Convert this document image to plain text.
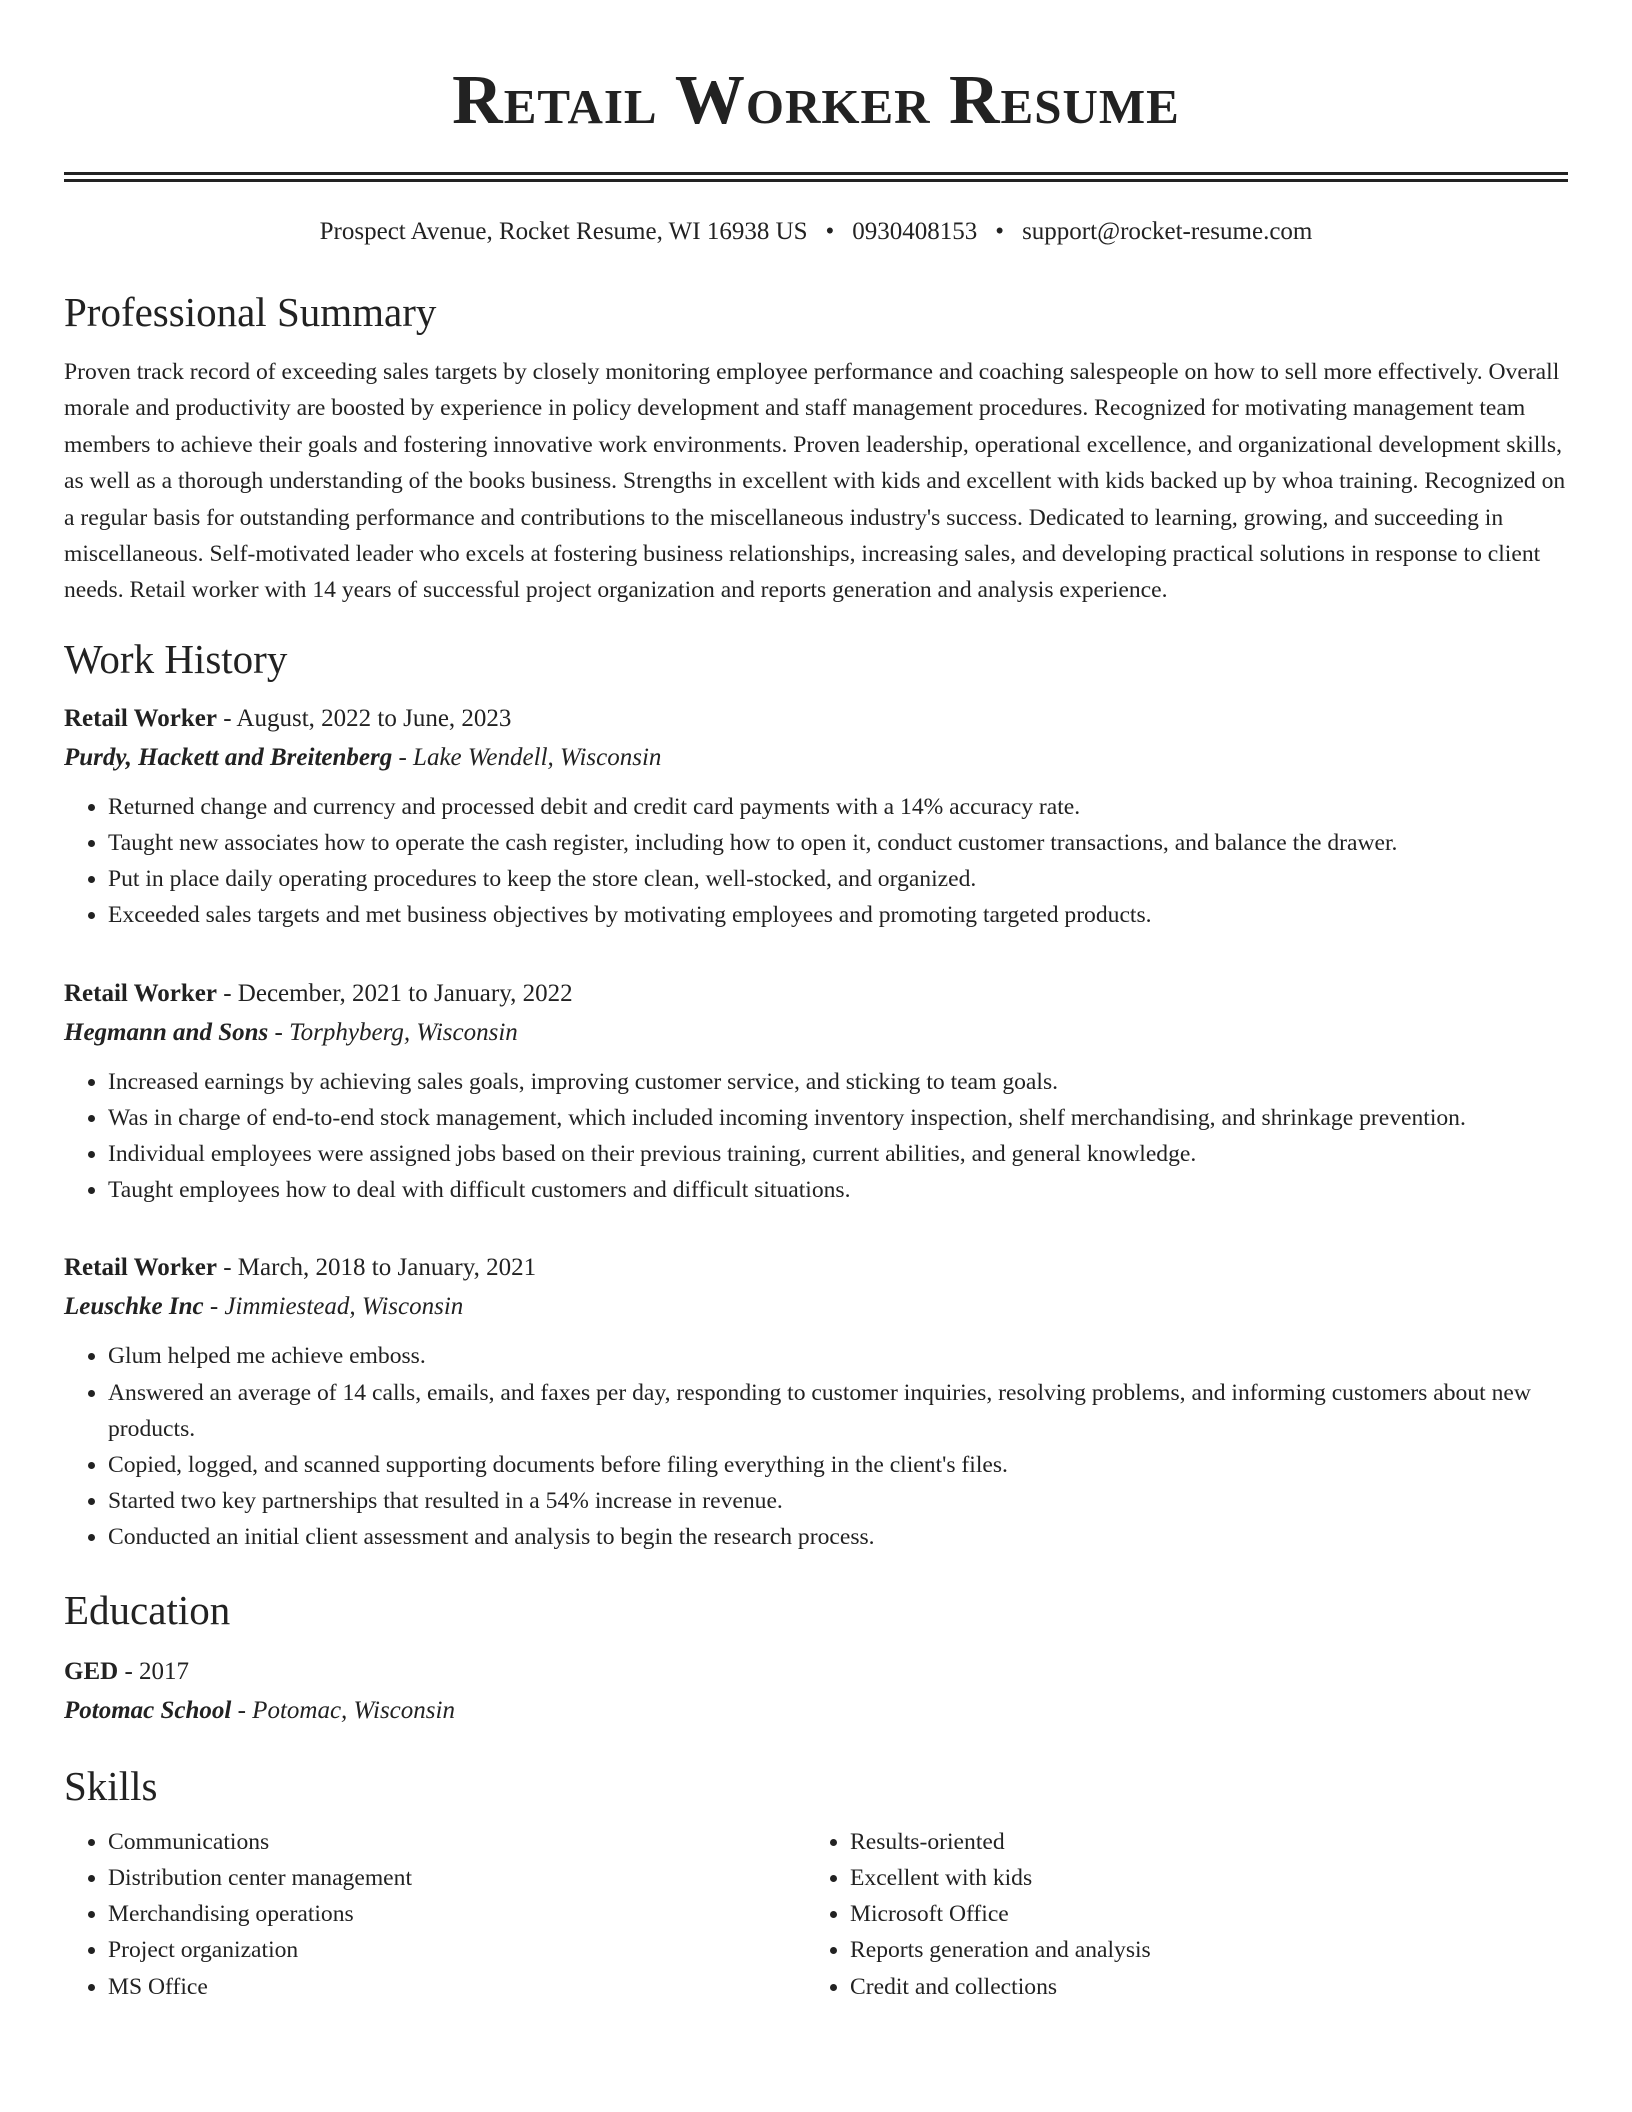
Retail Worker Resume
Prospect Avenue, Rocket Resume, WI 16938 US • 0930408153 • support@rocket-resume.com
Professional Summary

Proven track record of exceeding sales targets by closely monitoring employee performance and coaching salespeople on how to sell more effectively. Overall morale and productivity are boosted by experience in policy development and staff management procedures. Recognized for motivating management team members to achieve their goals and fostering innovative work environments. Proven leadership, operational excellence, and organizational development skills, as well as a thorough understanding of the books business. Strengths in excellent with kids and excellent with kids backed up by whoa training. Recognized on a regular basis for outstanding performance and contributions to the miscellaneous industry's success. Dedicated to learning, growing, and succeeding in miscellaneous. Self-motivated leader who excels at fostering business relationships, increasing sales, and developing practical solutions in response to client needs. Retail worker with 14 years of successful project organization and reports generation and analysis experience.

Work History
Retail Worker - August, 2022 to June, 2023
Purdy, Hackett and Breitenberg - Lake Wendell, Wisconsin
• Returned change and currency and processed debit and credit card payments with a 14% accuracy rate.
• Taught new associates how to operate the cash register, including how to open it, conduct customer transactions, and balance the drawer.
• Put in place daily operating procedures to keep the store clean, well-stocked, and organized.
• Exceeded sales targets and met business objectives by motivating employees and promoting targeted products.
Retail Worker - December, 2021 to January, 2022
Hegmann and Sons - Torphyberg, Wisconsin
• Increased earnings by achieving sales goals, improving customer service, and sticking to team goals.
• Was in charge of end-to-end stock management, which included incoming inventory inspection, shelf merchandising, and shrinkage prevention.
• Individual employees were assigned jobs based on their previous training, current abilities, and general knowledge.
• Taught employees how to deal with difficult customers and difficult situations.
Retail Worker - March, 2018 to January, 2021
Leuschke Inc - Jimmiestead, Wisconsin
• Glum helped me achieve emboss.
• Answered an average of 14 calls, emails, and faxes per day, responding to customer inquiries, resolving problems, and informing customers about new products.
• Copied, logged, and scanned supporting documents before filing everything in the client's files.
• Started two key partnerships that resulted in a 54% increase in revenue.
• Conducted an initial client assessment and analysis to begin the research process.
Education
GED - 2017
Potomac School - Potomac, Wisconsin
Skills
• Communications
• Distribution center management
• Merchandising operations
• Project organization
• MS Office
• Results-oriented
• Excellent with kids
• Microsoft Office
• Reports generation and analysis
• Credit and collections
